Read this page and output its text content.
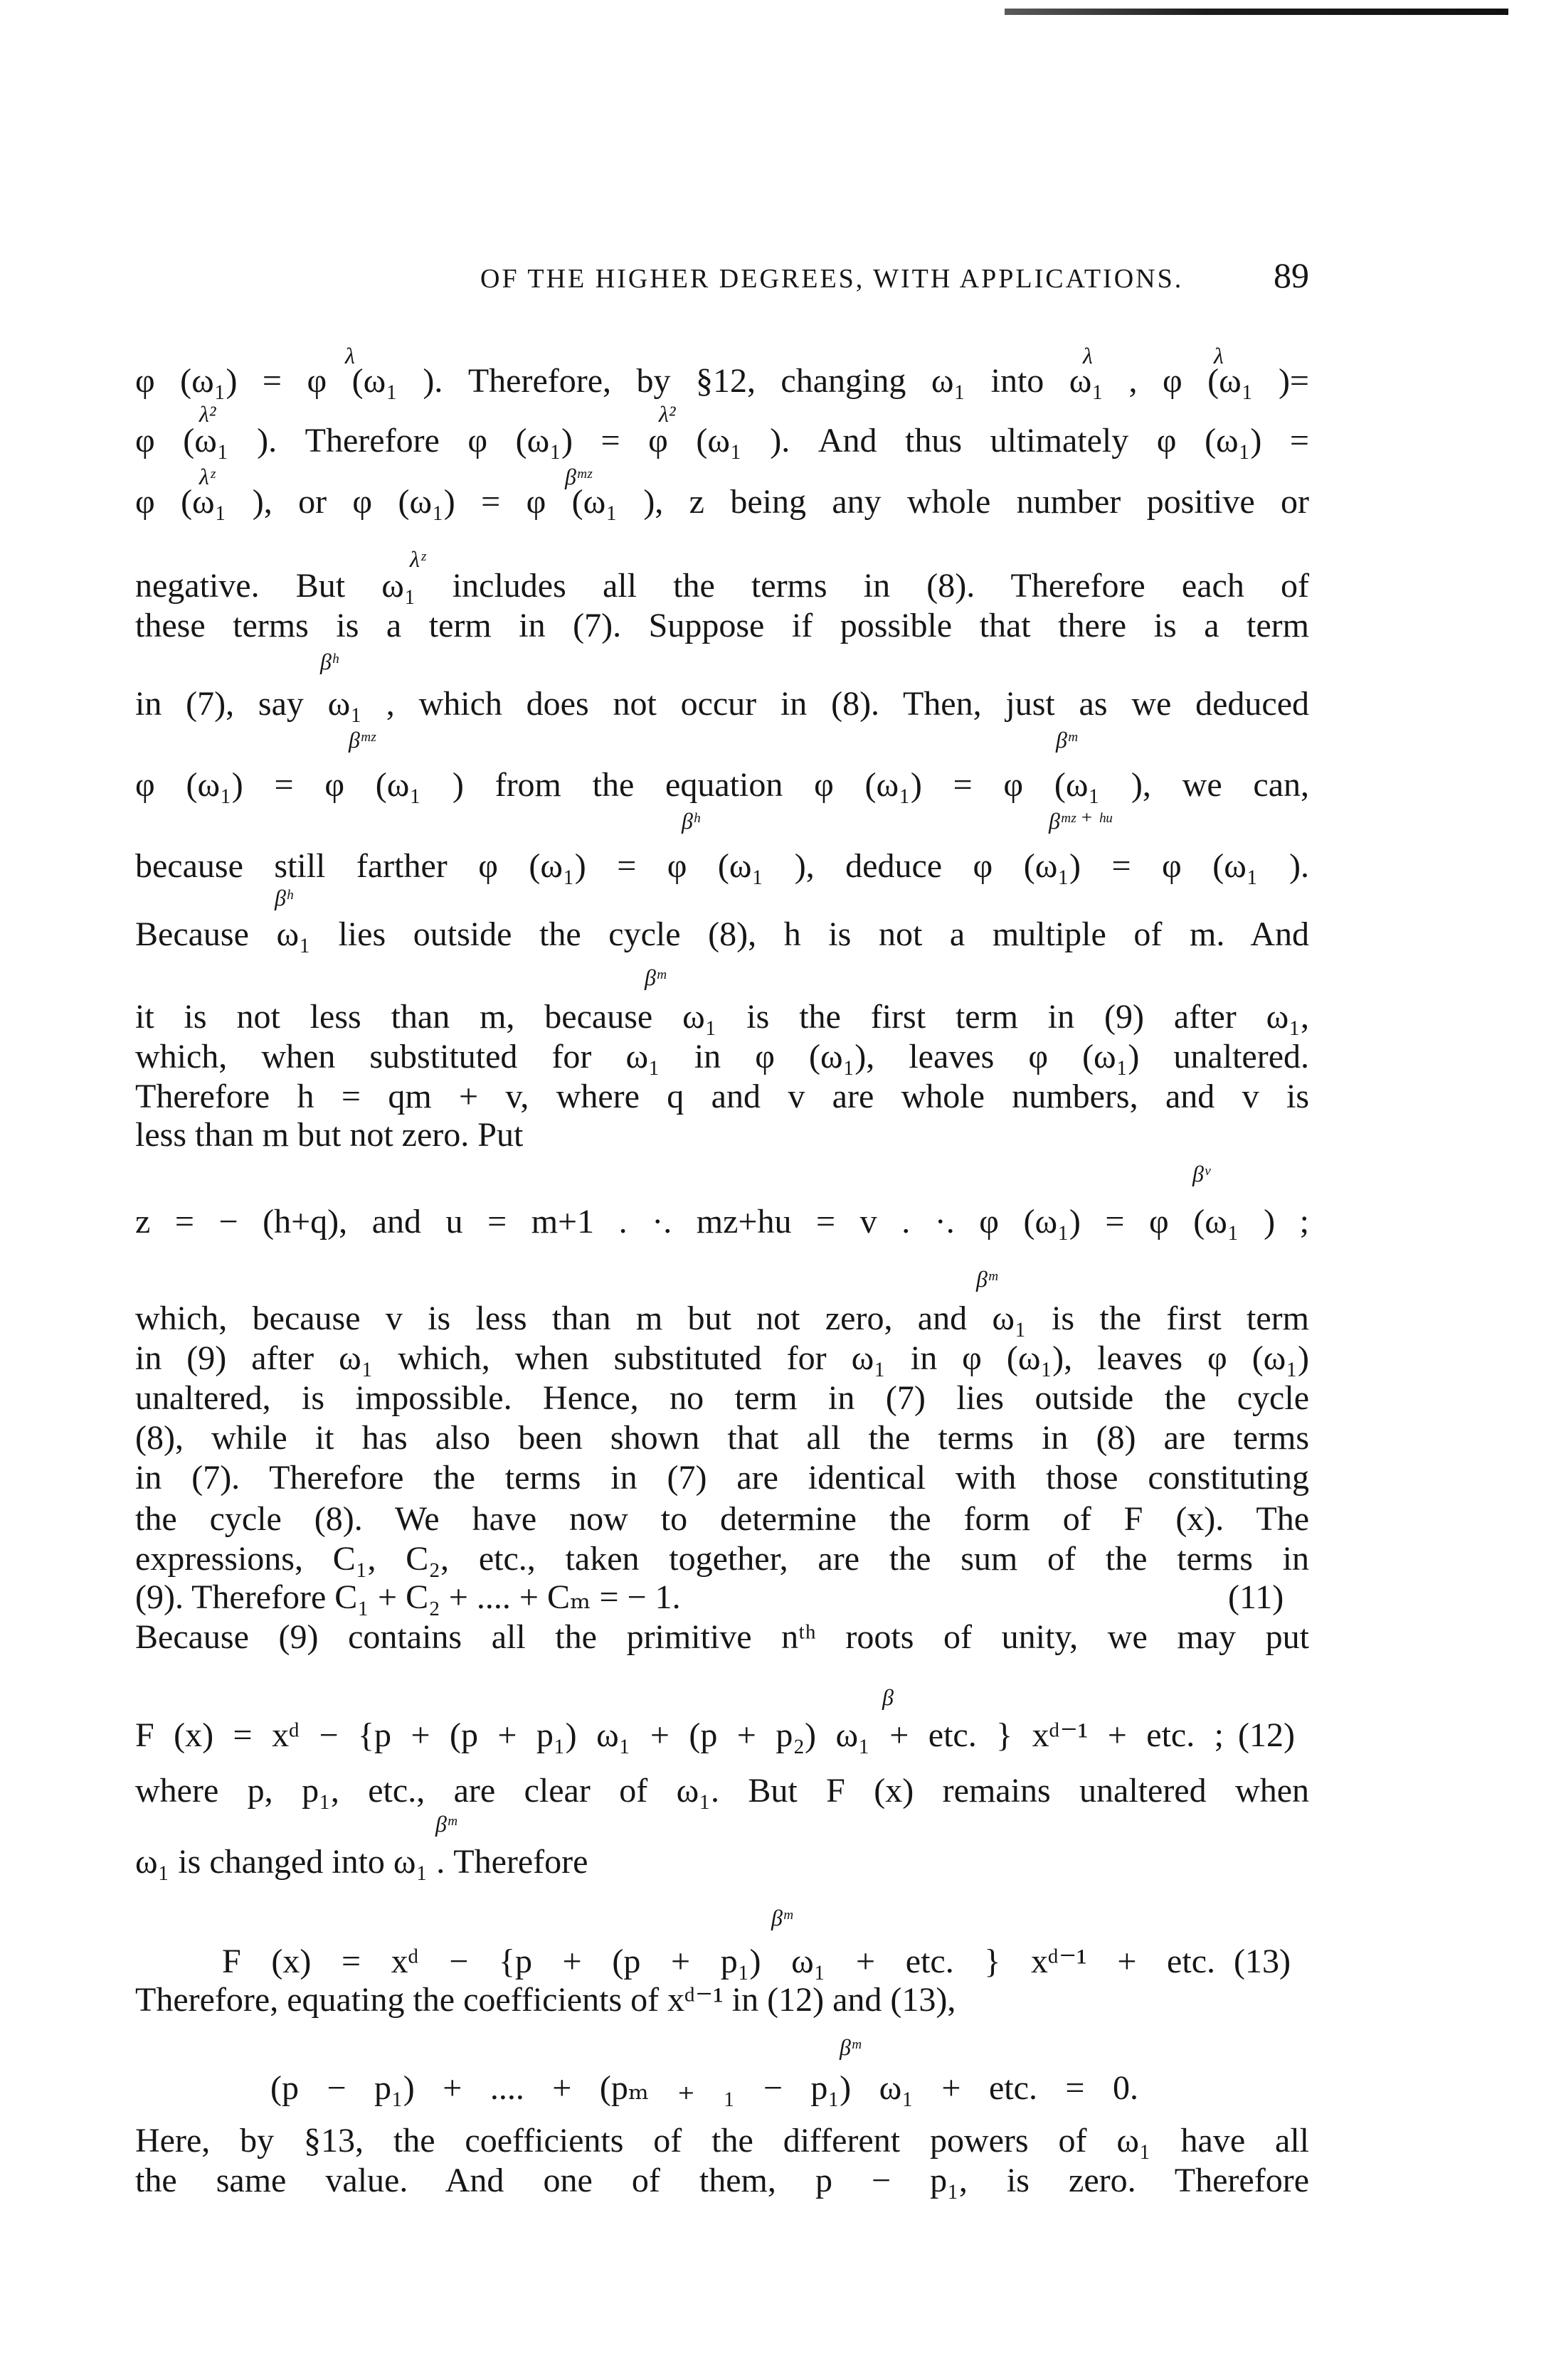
OF THE HIGHER DEGREES, WITH APPLICATIONS.	89
λ	λ	λ
φ (ω₁) = φ (ω₁ ). Therefore, by §12, changing ω₁ into ω₁ , φ (ω₁ )=
λ²	λ²
φ (ω₁ ). Therefore φ (ω₁) = φ (ω₁ ). And thus ultimately φ (ω₁) =
λᶻ	βᵐᶻ
φ (ω₁ ), or φ (ω₁) = φ (ω₁ ), z being any whole number positive or
λᶻ
negative. But ω₁ includes all the terms in (8). Therefore each of
these terms is a term in (7). Suppose if possible that there is a term
βʰ
in (7), say ω₁ , which does not occur in (8). Then, just as we deduced
βᵐᶻ	βᵐ
φ (ω₁) = φ (ω₁ ) from the equation φ (ω₁) = φ (ω₁ ), we can,
βʰ	βᵐᶻ ⁺ ʰᵘ
because still farther φ (ω₁) = φ (ω₁ ), deduce φ (ω₁) = φ (ω₁ ).
βʰ
Because ω₁ lies outside the cycle (8), h is not a multiple of m. And
βᵐ
it is not less than m, because ω₁ is the first term in (9) after ω₁,
which, when substituted for ω₁ in φ (ω₁), leaves φ (ω₁) unaltered.
Therefore h = qm + v, where q and v are whole numbers, and v is
less than m but not zero. Put
βᵛ
z = − (h+q), and u = m+1 . ·. mz+hu = v . ·. φ (ω₁) = φ (ω₁ ) ;
βᵐ
which, because v is less than m but not zero, and ω₁ is the first term
in (9) after ω₁ which, when substituted for ω₁ in φ (ω₁), leaves φ (ω₁)
unaltered, is impossible. Hence, no term in (7) lies outside the cycle
(8), while it has also been shown that all the terms in (8) are terms
in (7). Therefore the terms in (7) are identical with those constituting
the cycle (8). We have now to determine the form of F (x). The
expressions, C₁, C₂, etc., taken together, are the sum of the terms in
(9). Therefore C₁ + C₂ + .... + Cₘ = − 1.	(11)
Because (9) contains all the primitive nᵗʰ roots of unity, we may put
β
F (x) = xᵈ − {p + (p + p₁) ω₁ + (p + p₂) ω₁ + etc. } xᵈ⁻¹ + etc. ; (12)
where p, p₁, etc., are clear of ω₁. But F (x) remains unaltered when
βᵐ
ω₁ is changed into ω₁ . Therefore
βᵐ
F (x) = xᵈ − {p + (p + p₁) ω₁ + etc. } xᵈ⁻¹ + etc. (13)
Therefore, equating the coefficients of xᵈ⁻¹ in (12) and (13),
βᵐ
(p − p₁) + .... + (pₘ ₊ ₁ − p₁) ω₁ + etc. = 0.
Here, by §13, the coefficients of the different powers of ω₁ have all
the same value. And one of them, p − p₁, is zero. Therefore
